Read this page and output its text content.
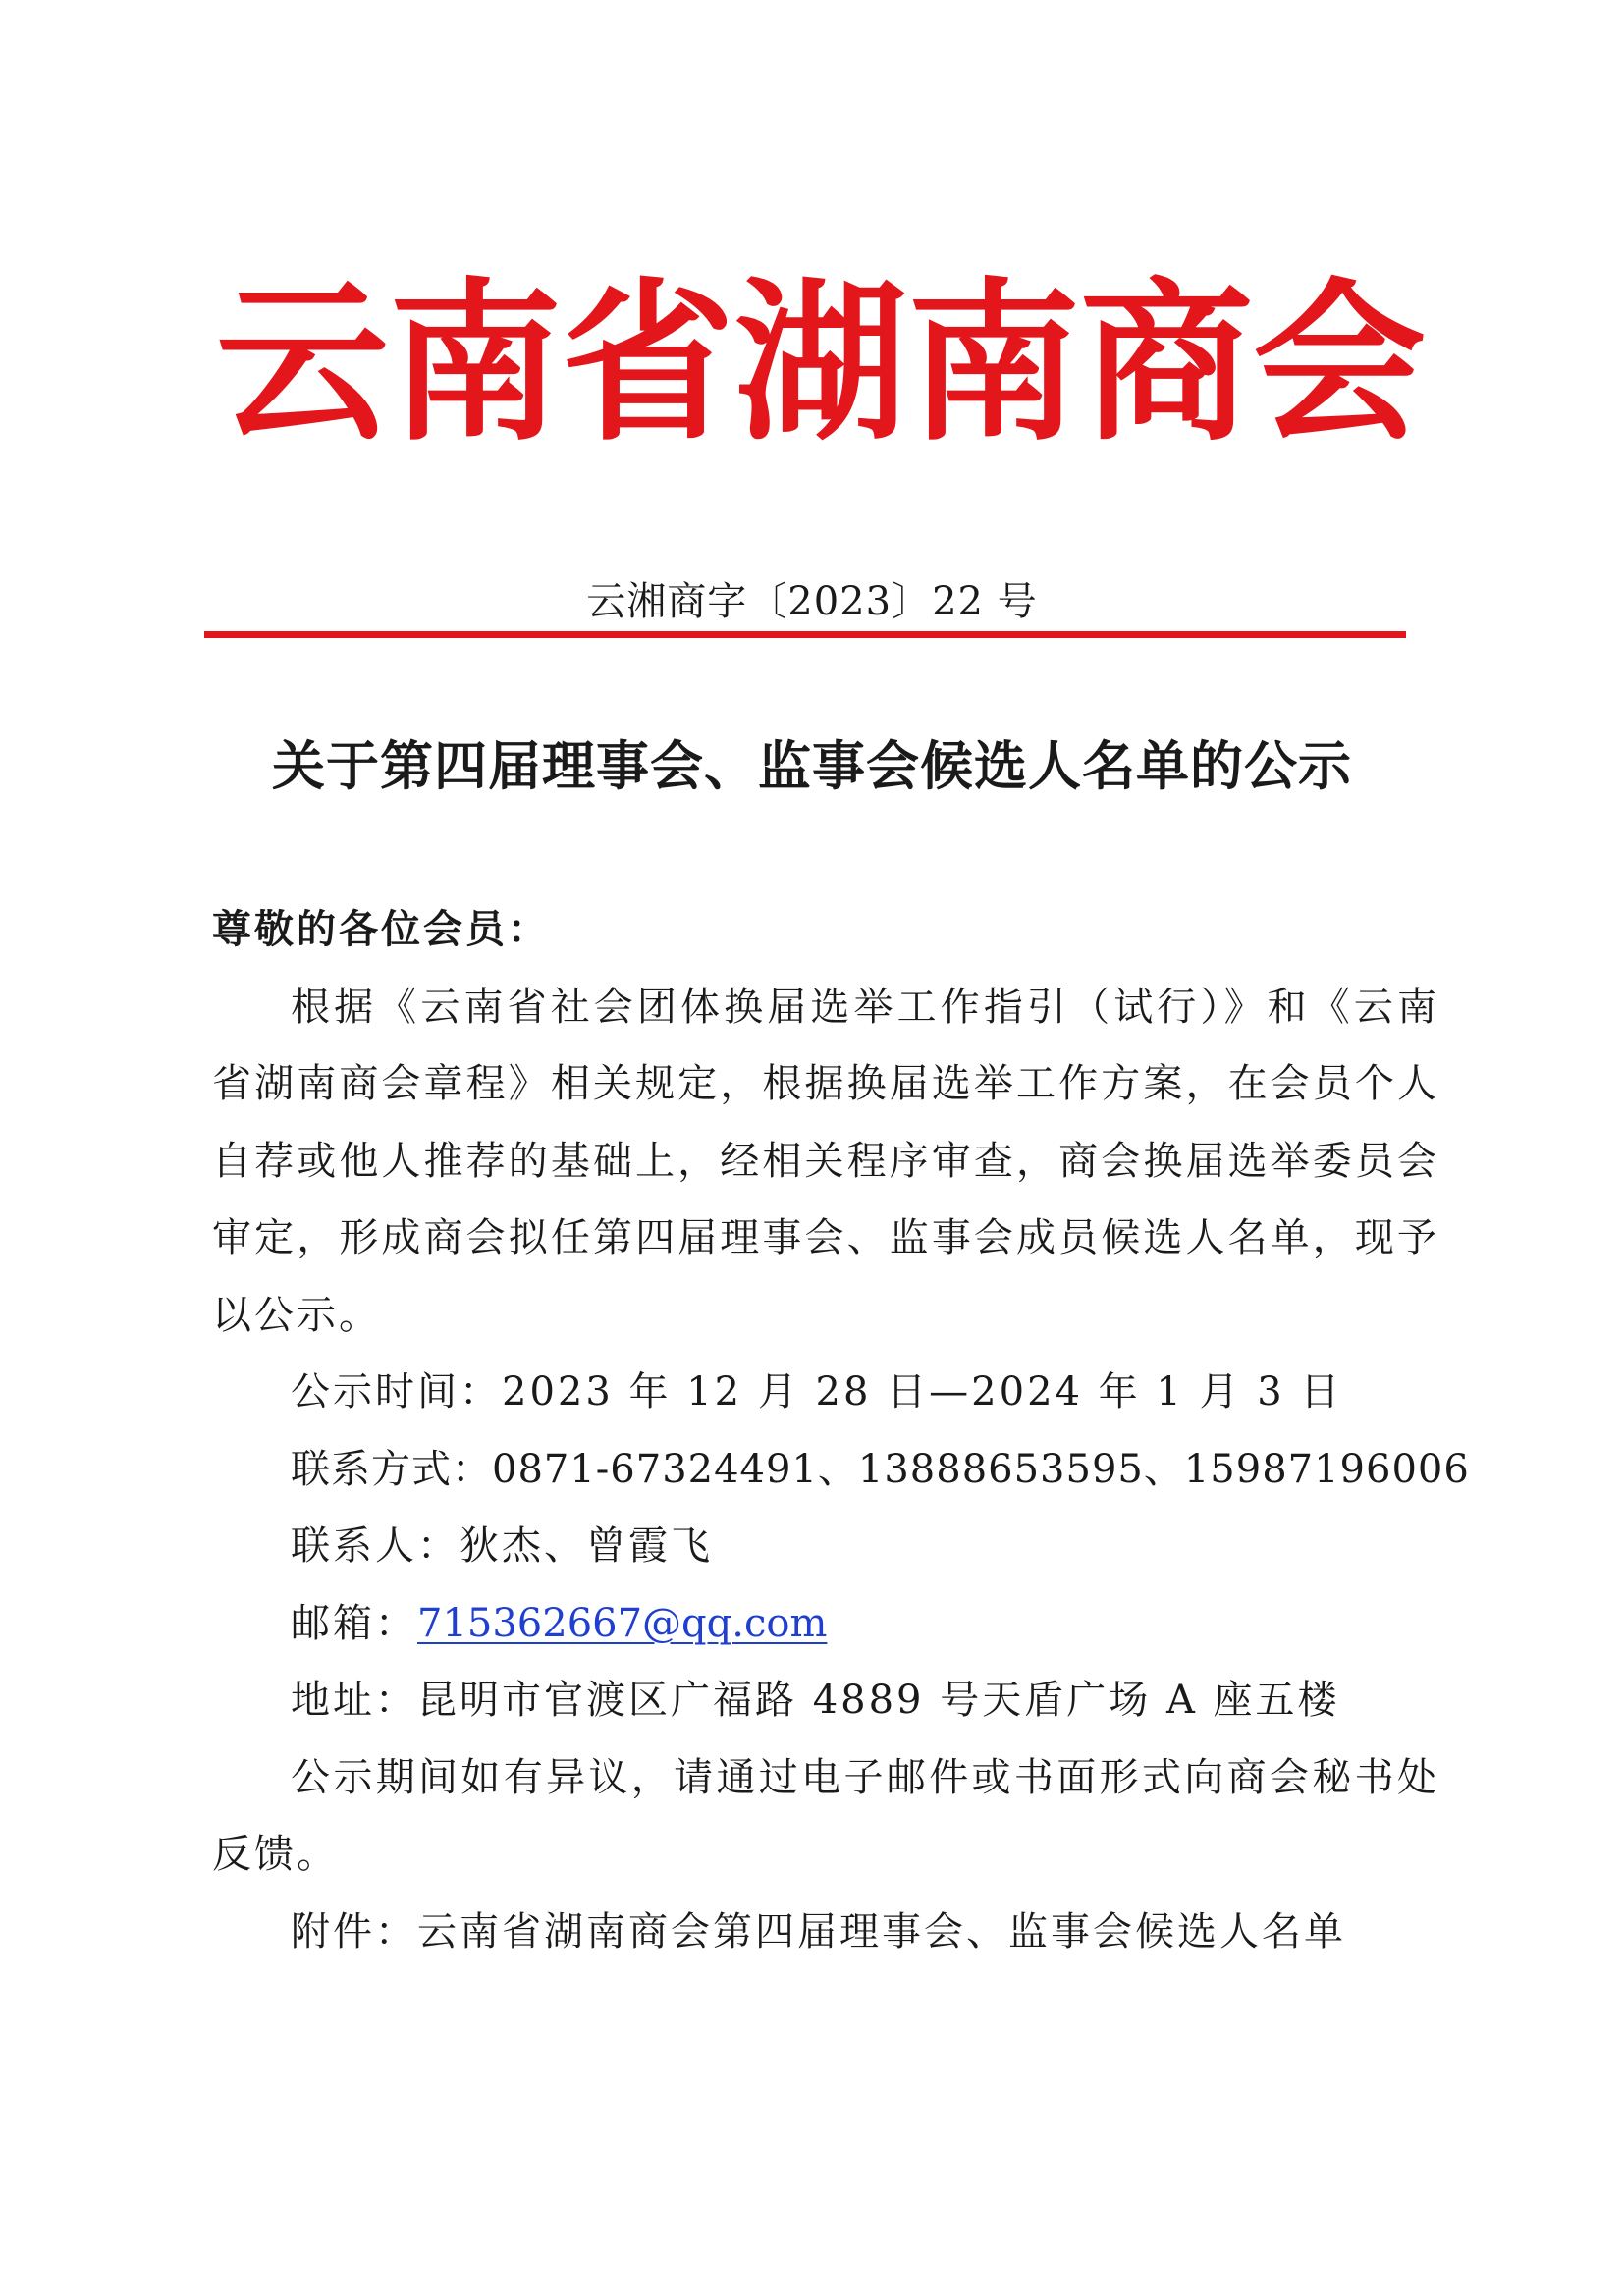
云 南 省 湖 南 商 会
云湘商字〔2023〕22 号
关于第四届理事会、监事会候选人名单的公示

尊敬的各位会员：

根据《云南省社会团体换届选举工作指引（试行）》和《云南省湖南商会章程》相关规定，根据换届选举工作方案，在会员个人自荐或他人推荐的基础上，经相关程序审查，商会换届选举委员会审定，形成商会拟任第四届理事会、监事会成员候选人名单，现予以公示。

公示时间：2023 年 12 月 28 日—2024 年 1 月 3 日

联系方式：0871-67324491、13888653595、15987196006

联系人：狄杰、曾霞飞

邮箱：715362667@qq.com

地址：昆明市官渡区广福路 4889 号天盾广场 A 座五楼

公示期间如有异议，请通过电子邮件或书面形式向商会秘书处反馈。

附件：云南省湖南商会第四届理事会、监事会候选人名单
